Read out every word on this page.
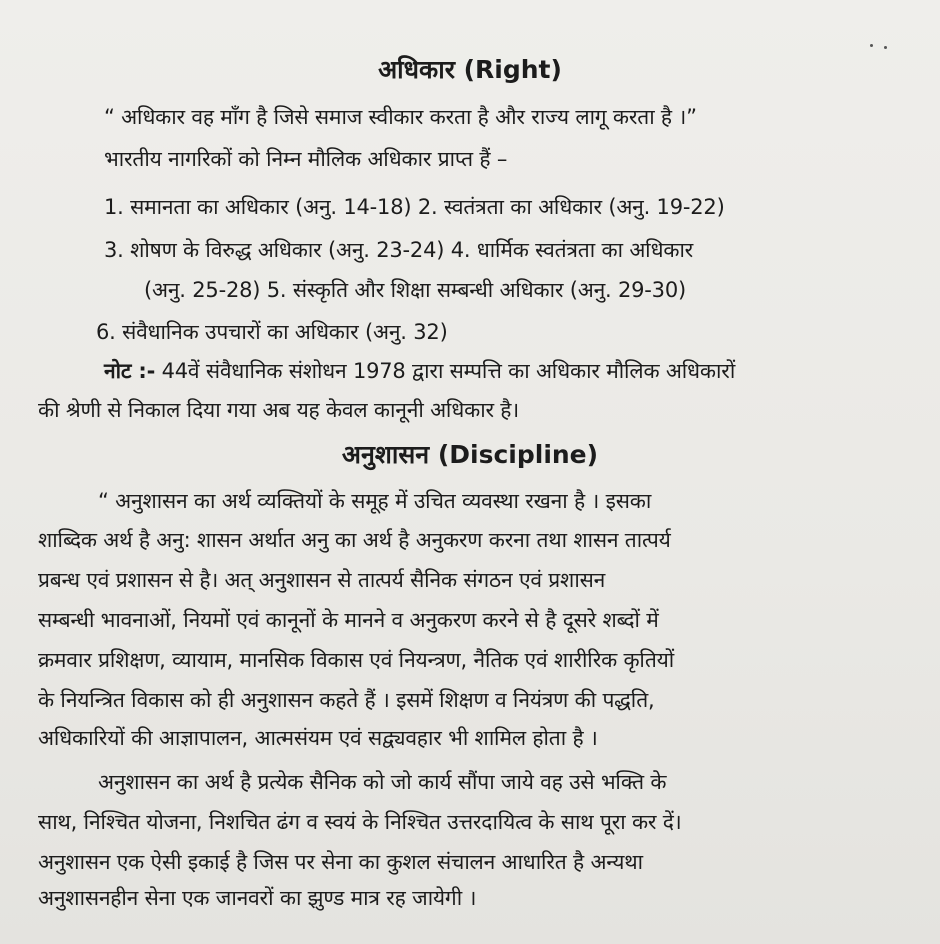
अधिकार (Right)
“ अधिकार वह माँग है जिसे समाज स्वीकार करता है और राज्य लागू करता है ।”
भारतीय नागरिकों को निम्न मौलिक अधिकार प्राप्त हैं –
1. समानता का अधिकार (अनु. 14-18) 2. स्वतंत्रता का अधिकार (अनु. 19-22)
3. शोषण के विरुद्ध अधिकार (अनु. 23-24) 4. धार्मिक स्वतंत्रता का अधिकार
(अनु. 25-28) 5. संस्कृति और शिक्षा सम्बन्धी अधिकार (अनु. 29-30)
6. संवैधानिक उपचारों का अधिकार (अनु. 32)
नोट :- 44वें संवैधानिक संशोधन 1978 द्वारा सम्पत्ति का अधिकार मौलिक अधिकारों
की श्रेणी से निकाल दिया गया अब यह केवल कानूनी अधिकार है।
अनुशासन (Discipline)
“ अनुशासन का अर्थ व्यक्तियों के समूह में उचित व्यवस्था रखना है । इसका
शाब्दिक अर्थ है अनु: शासन अर्थात अनु का अर्थ है अनुकरण करना तथा शासन तात्पर्य
प्रबन्ध एवं प्रशासन से है। अत् अनुशासन से तात्पर्य सैनिक संगठन एवं प्रशासन
सम्बन्धी भावनाओं, नियमों एवं कानूनों के मानने व अनुकरण करने से है दूसरे शब्दों में
क्रमवार प्रशिक्षण, व्यायाम, मानसिक विकास एवं नियन्त्रण, नैतिक एवं शारीरिक कृतियों
के नियन्त्रित विकास को ही अनुशासन कहते हैं । इसमें शिक्षण व नियंत्रण की पद्धति,
अधिकारियों की आज्ञापालन, आत्मसंयम एवं सद्व्यवहार भी शामिल होता है ।
अनुशासन का अर्थ है प्रत्येक सैनिक को जो कार्य सौंपा जाये वह उसे भक्ति के
साथ, निश्चित योजना, निशचित ढंग व स्वयं के निश्चित उत्तरदायित्व के साथ पूरा कर दें।
अनुशासन एक ऐसी इकाई है जिस पर सेना का कुशल संचालन आधारित है अन्यथा
अनुशासनहीन सेना एक जानवरों का झुण्ड मात्र रह जायेगी ।
